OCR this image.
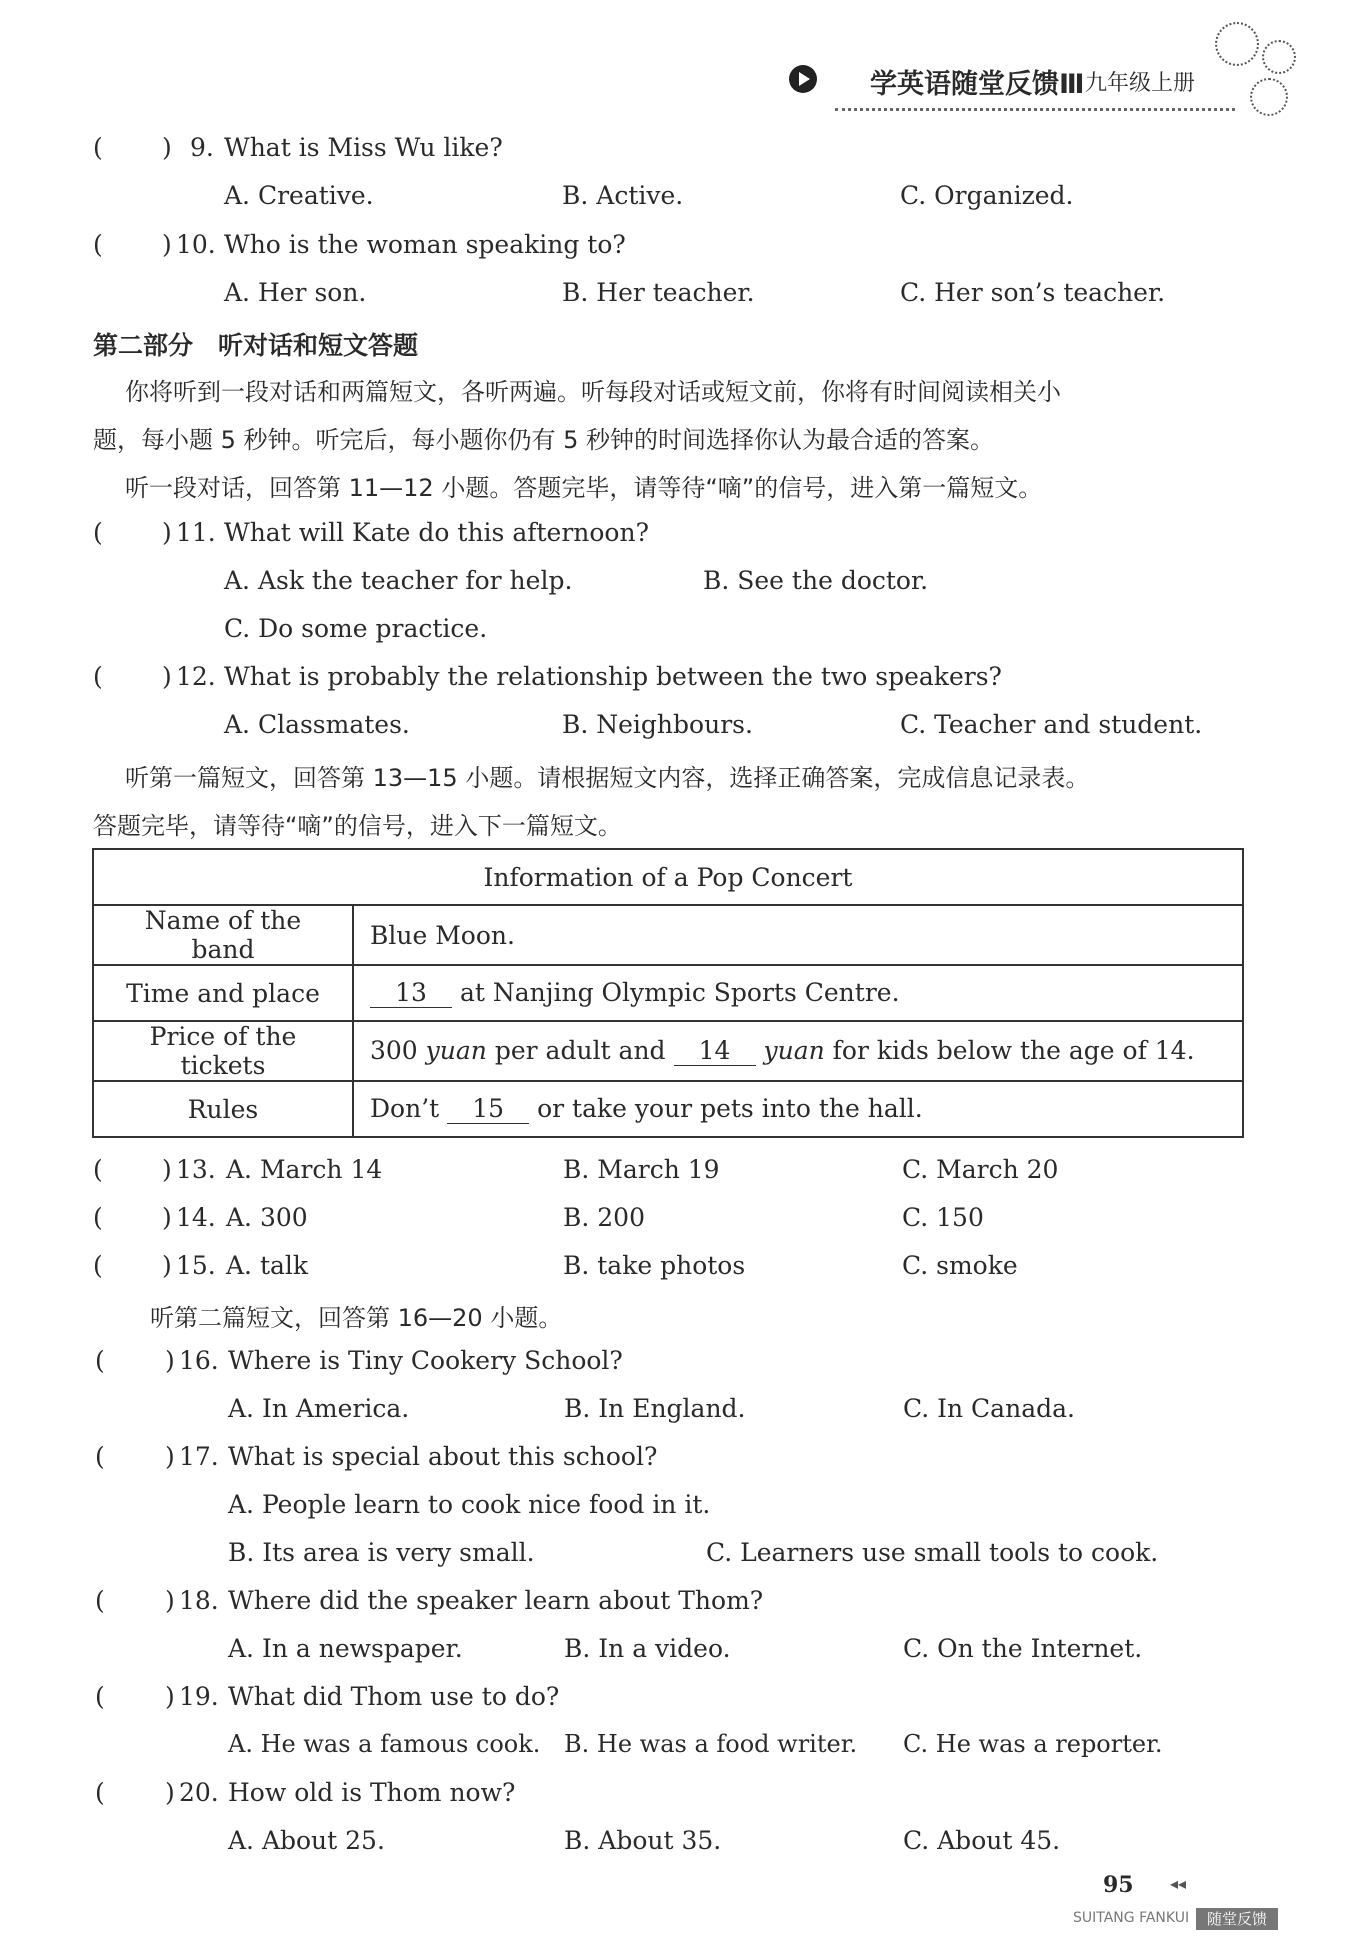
学英语随堂反馈Ⅲ 九年级上册
( ) 9. What is Miss Wu like?
A. Creative.	B. Active.	C. Organized.
( ) 10. Who is the woman speaking to?
A. Her son.	B. Her teacher.	C. Her son’s teacher.
第二部分　听对话和短文答题
你将听到一段对话和两篇短文，各听两遍。听每段对话或短文前，你将有时间阅读相关小
题，每小题 5 秒钟。听完后，每小题你仍有 5 秒钟的时间选择你认为最合适的答案。
听一段对话，回答第 11—12 小题。答题完毕，请等待“嘀”的信号，进入第一篇短文。
( ) 11. What will Kate do this afternoon?
A. Ask the teacher for help.	B. See the doctor.
C. Do some practice.
( ) 12. What is probably the relationship between the two speakers?
A. Classmates.	B. Neighbours.	C. Teacher and student.
听第一篇短文，回答第 13—15 小题。请根据短文内容，选择正确答案，完成信息记录表。
答题完毕，请等待“嘀”的信号，进入下一篇短文。
Information of a Pop Concert	
Name of the band	Blue Moon.
Time and place	13 at Nanjing Olympic Sports Centre.
Price of the tickets	300 yuan per adult and 14 yuan for kids below the age of 14.
Rules	Don’t 15 or take your pets into the hall.
( ) 13. A. March 14	B. March 19	C. March 20
( ) 14. A. 300	B. 200	C. 150
( ) 15. A. talk	B. take photos	C. smoke
听第二篇短文，回答第 16—20 小题。
( ) 16. Where is Tiny Cookery School?
A. In America.	B. In England.	C. In Canada.
( ) 17. What is special about this school?
A. People learn to cook nice food in it.
B. Its area is very small.	C. Learners use small tools to cook.
( ) 18. Where did the speaker learn about Thom?
A. In a newspaper.	B. In a video.	C. On the Internet.
( ) 19. What did Thom use to do?
A. He was a famous cook. B. He was a food writer. C. He was a reporter.
( ) 20. How old is Thom now?
A. About 25.	B. About 35.	C. About 45.
95 ◂◂
SUITANG FANKUI	随堂反馈
